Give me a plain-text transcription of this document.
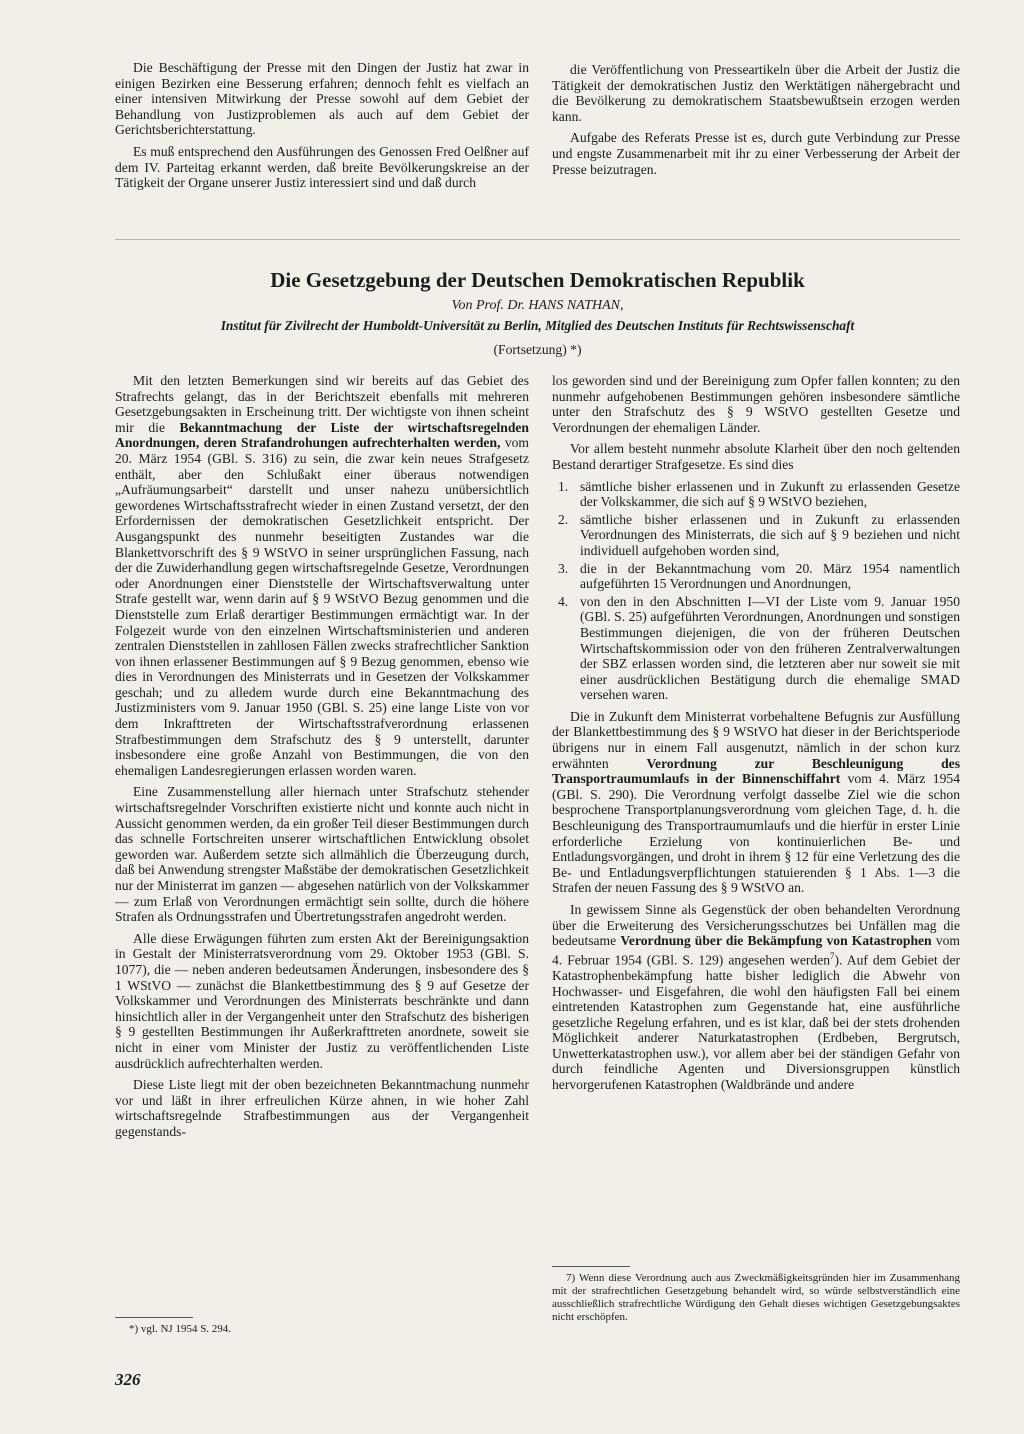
Die Beschäftigung der Presse mit den Dingen der Justiz hat zwar in einigen Bezirken eine Besserung erfahren; dennoch fehlt es vielfach an einer intensiven Mitwirkung der Presse sowohl auf dem Gebiet der Behandlung von Justizproblemen als auch auf dem Gebiet der Gerichtsberichterstattung.

Es muß entsprechend den Ausführungen des Genossen Fred Oelßner auf dem IV. Parteitag erkannt werden, daß breite Bevölkerungskreise an der Tätigkeit der Organe unserer Justiz interessiert sind und daß durch

die Veröffentlichung von Presseartikeln über die Arbeit der Justiz die Tätigkeit der demokratischen Justiz den Werktätigen nähergebracht und die Bevölkerung zu demokratischem Staatsbewußtsein erzogen werden kann.

Aufgabe des Referats Presse ist es, durch gute Verbindung zur Presse und engste Zusammenarbeit mit ihr zu einer Verbesserung der Arbeit der Presse beizutragen.

Die Gesetzgebung der Deutschen Demokratischen Republik
Von Prof. Dr. HANS NATHAN,
Institut für Zivilrecht der Humboldt-Universität zu Berlin, Mitglied des Deutschen Instituts für Rechtswissenschaft
(Fortsetzung) *)

Mit den letzten Bemerkungen sind wir bereits auf das Gebiet des Strafrechts gelangt, das in der Berichtszeit ebenfalls mit mehreren Gesetzgebungsakten in Erscheinung tritt. Der wichtigste von ihnen scheint mir die Bekanntmachung der Liste der wirtschaftsregelnden Anordnungen, deren Strafandrohungen aufrechterhalten werden, vom 20. März 1954 (GBl. S. 316) zu sein, die zwar kein neues Strafgesetz enthält, aber den Schlußakt einer überaus notwendigen „Aufräumungsarbeit“ darstellt und unser nahezu unübersichtlich gewordenes Wirtschaftsstrafrecht wieder in einen Zustand versetzt, der den Erfordernissen der demokratischen Gesetzlichkeit entspricht. Der Ausgangspunkt des nunmehr beseitigten Zustandes war die Blankettvorschrift des § 9 WStVO in seiner ursprünglichen Fassung, nach der die Zuwiderhandlung gegen wirtschaftsregelnde Gesetze, Verordnungen oder Anordnungen einer Dienststelle der Wirtschaftsverwaltung unter Strafe gestellt war, wenn darin auf § 9 WStVO Bezug genommen und die Dienststelle zum Erlaß derartiger Bestimmungen ermächtigt war. In der Folgezeit wurde von den einzelnen Wirtschaftsministerien und anderen zentralen Dienststellen in zahllosen Fällen zwecks strafrechtlicher Sanktion von ihnen erlassener Bestimmungen auf § 9 Bezug genommen, ebenso wie dies in Verordnungen des Ministerrats und in Gesetzen der Volkskammer geschah; und zu alledem wurde durch eine Bekanntmachung des Justizministers vom 9. Januar 1950 (GBl. S. 25) eine lange Liste von vor dem Inkrafttreten der Wirtschaftsstrafverordnung erlassenen Strafbestimmungen dem Strafschutz des § 9 unterstellt, darunter insbesondere eine große Anzahl von Bestimmungen, die von den ehemaligen Landesregierungen erlassen worden waren.

Eine Zusammenstellung aller hiernach unter Strafschutz stehender wirtschaftsregelnder Vorschriften existierte nicht und konnte auch nicht in Aussicht genommen werden, da ein großer Teil dieser Bestimmungen durch das schnelle Fortschreiten unserer wirtschaftlichen Entwicklung obsolet geworden war. Außerdem setzte sich allmählich die Überzeugung durch, daß bei Anwendung strengster Maßstäbe der demokratischen Gesetzlichkeit nur der Ministerrat im ganzen — abgesehen natürlich von der Volkskammer — zum Erlaß von Verordnungen ermächtigt sein sollte, durch die höhere Strafen als Ordnungsstrafen und Übertretungsstrafen angedroht werden.

Alle diese Erwägungen führten zum ersten Akt der Bereinigungsaktion in Gestalt der Ministerratsverordnung vom 29. Oktober 1953 (GBl. S. 1077), die — neben anderen bedeutsamen Änderungen, insbesondere des § 1 WStVO — zunächst die Blankettbestimmung des § 9 auf Gesetze der Volkskammer und Verordnungen des Ministerrats beschränkte und dann hinsichtlich aller in der Vergangenheit unter den Strafschutz des bisherigen § 9 gestellten Bestimmungen ihr Außerkrafttreten anordnete, soweit sie nicht in einer vom Minister der Justiz zu veröffentlichenden Liste ausdrücklich aufrechterhalten werden.

Diese Liste liegt mit der oben bezeichneten Bekanntmachung nunmehr vor und läßt in ihrer erfreulichen Kürze ahnen, in wie hoher Zahl wirtschaftsregelnde Strafbestimmungen aus der Vergangenheit gegenstands-

los geworden sind und der Bereinigung zum Opfer fallen konnten; zu den nunmehr aufgehobenen Bestimmungen gehören insbesondere sämtliche unter den Strafschutz des § 9 WStVO gestellten Gesetze und Verordnungen der ehemaligen Länder.

Vor allem besteht nunmehr absolute Klarheit über den noch geltenden Bestand derartiger Strafgesetze. Es sind dies

1. sämtliche bisher erlassenen und in Zukunft zu erlassenden Gesetze der Volkskammer, die sich auf § 9 WStVO beziehen,
2. sämtliche bisher erlassenen und in Zukunft zu erlassenden Verordnungen des Ministerrats, die sich auf § 9 beziehen und nicht individuell aufgehoben worden sind,
3. die in der Bekanntmachung vom 20. März 1954 namentlich aufgeführten 15 Verordnungen und Anordnungen,
4. von den in den Abschnitten I—VI der Liste vom 9. Januar 1950 (GBl. S. 25) aufgeführten Verordnungen, Anordnungen und sonstigen Bestimmungen diejenigen, die von der früheren Deutschen Wirtschaftskommission oder von den früheren Zentralverwaltungen der SBZ erlassen worden sind, die letzteren aber nur soweit sie mit einer ausdrücklichen Bestätigung durch die ehemalige SMAD versehen waren.

Die in Zukunft dem Ministerrat vorbehaltene Befugnis zur Ausfüllung der Blankettbestimmung des § 9 WStVO hat dieser in der Berichtsperiode übrigens nur in einem Fall ausgenutzt, nämlich in der schon kurz erwähnten Verordnung zur Beschleunigung des Transportraumumlaufs in der Binnenschiffahrt vom 4. März 1954 (GBl. S. 290). Die Verordnung verfolgt dasselbe Ziel wie die schon besprochene Transportplanungsverordnung vom gleichen Tage, d. h. die Beschleunigung des Transportraumumlaufs und die hierfür in erster Linie erforderliche Erzielung von kontinuierlichen Be- und Entladungsvorgängen, und droht in ihrem § 12 für eine Verletzung des die Be- und Entladungsverpflichtungen statuierenden § 1 Abs. 1—3 die Strafen der neuen Fassung des § 9 WStVO an.

In gewissem Sinne als Gegenstück der oben behandelten Verordnung über die Erweiterung des Versicherungsschutzes bei Unfällen mag die bedeutsame Verordnung über die Bekämpfung von Katastrophen vom 4. Februar 1954 (GBl. S. 129) angesehen werden$^7$). Auf dem Gebiet der Katastrophenbekämpfung hatte bisher lediglich die Abwehr von Hochwasser- und Eisgefahren, die wohl den häufigsten Fall bei einem eintretenden Katastrophen zum Gegenstande hat, eine ausführliche gesetzliche Regelung erfahren, und es ist klar, daß bei der stets drohenden Möglichkeit anderer Naturkatastrophen (Erdbeben, Bergrutsch, Unwetterkatastrophen usw.), vor allem aber bei der ständigen Gefahr von durch feindliche Agenten und Diversionsgruppen künstlich hervorgerufenen Katastrophen (Waldbrände und andere

*) vgl. NJ 1954 S. 294.

7) Wenn diese Verordnung auch aus Zweckmäßigkeitsgründen hier im Zusammenhang mit der strafrechtlichen Gesetzgebung behandelt wird, so würde selbstverständlich eine ausschließlich strafrechtliche Würdigung den Gehalt dieses wichtigen Gesetzgebungsaktes nicht erschöpfen.

326
